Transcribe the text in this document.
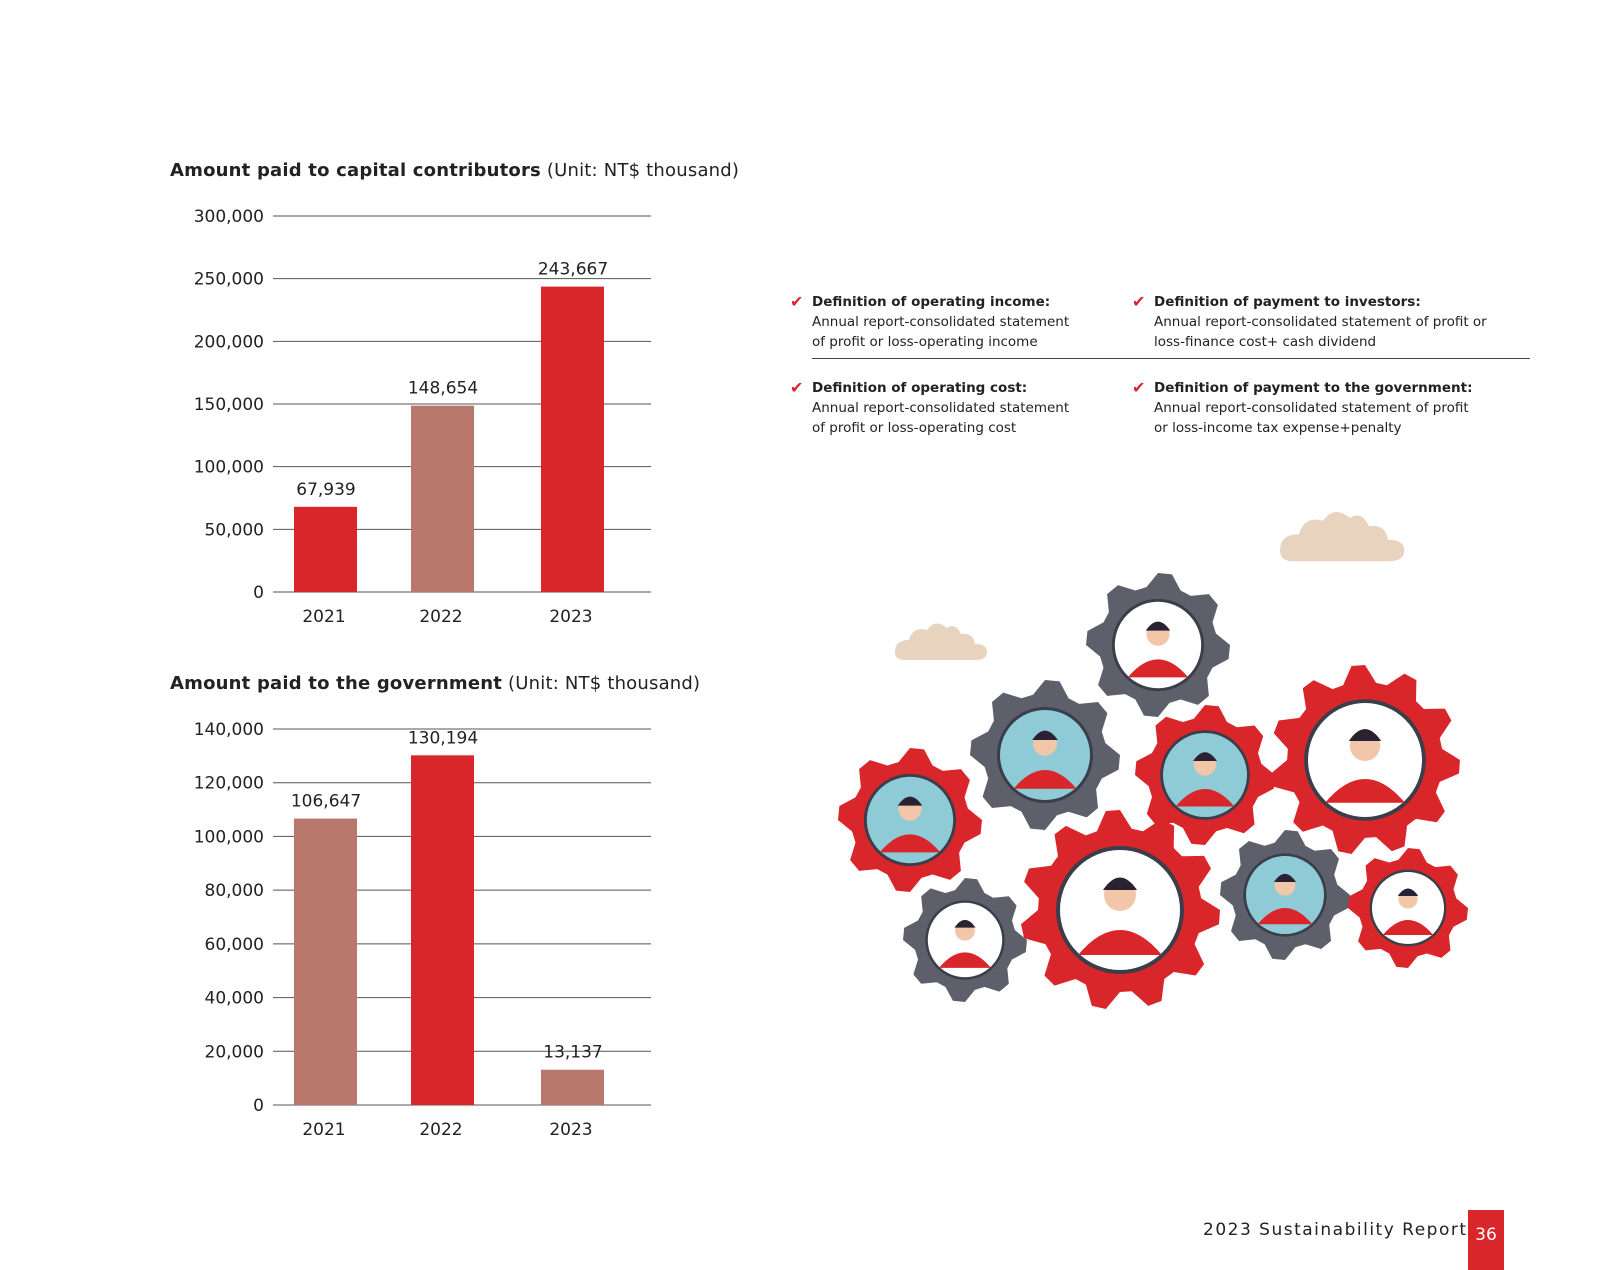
Amount paid to capital contributors (Unit: NT$ thousand)
0
50,000
100,000
150,000
200,000
250,000
300,000
67,939
2021
148,654
2022
243,667
2023
Amount paid to the government (Unit: NT$ thousand)
0
20,000
40,000
60,000
80,000
100,000
120,000
140,000
106,647
2021
130,194
2022
13,137
2023
✔ Definition of operating income:
Annual report-consolidated statement
of profit or loss-operating income
✔ Definition of payment to investors:
Annual report-consolidated statement of profit or
loss-finance cost+ cash dividend
✔ Definition of operating cost:
Annual report-consolidated statement
of profit or loss-operating cost
✔ Definition of payment to the government:
Annual report-consolidated statement of profit
or loss-income tax expense+penalty
2023 Sustainability Report 36
